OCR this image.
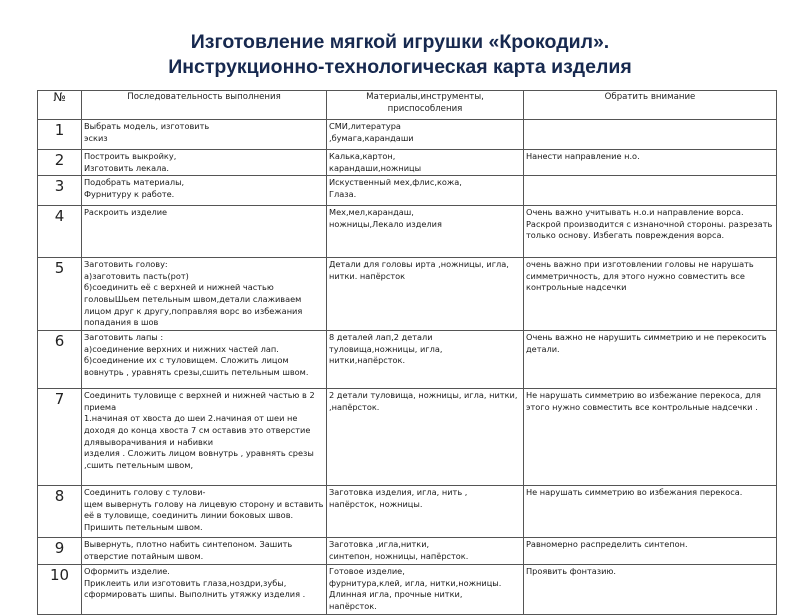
Изготовление мягкой игрушки «Крокодил».
Инструкционно-технологическая карта изделия
№	Последовательность выполнения	Материалы,инструменты,
приспособления	Обратить внимание
1	Выбрать модель, изготовить
эскиз	СМИ,литература
,бумага,карандаши	
2	Построить выкройку,
Изготовить лекала.	Калька,картон,
карандаши,ножницы	Нанести направление н.о.
3	Подобрать материалы,
Фурнитуру к работе.	Искуственный мех,флис,кожа,
Глаза.	
4	Раскроить изделие	Мех,мел,карандаш,
ножницы,Лекало изделия	Очень важно учитывать н.о.и направление ворса. Раскрой производится с изнаночной стороны. разрезать только основу. Избегать повреждения ворса.
5	Заготовить голову:
а)заготовить пасть(рот)
б)соединить её с верхней и нижней частью головыШьем петельным швом,детали слаживаем лицом друг к другу,поправляя ворс во избежания попадания в шов	Детали для головы ирта ,ножницы, игла, нитки. напёрсток	очень важно при изготовлении головы не нарушать симметричность, для этого нужно совместить все контрольные надсечки
6	Заготовить лапы :
а)соединение верхних и нижних частей лап.
б)соединение их с туловищем. Сложить лицом вовнутрь , уравнять срезы,сшить петельным швом.	8 деталей лап,2 детали туловища,ножницы, игла, нитки,напёрсток.	Очень важно не нарушить симметрию и не перекосить детали.
7	Соединить туловище с верхней и нижней частью в 2 приема
1.начиная от хвоста до шеи 2.начиная от шеи не доходя до конца хвоста 7 см оставив это отверстие длявыворачивания и набивки
изделия . Сложить лицом вовнутрь , уравнять срезы
,сшить петельным швом,	2 детали туловища, ножницы, игла, нитки,
,напёрсток.	Не нарушать симметрию во избежание перекоса, для этого нужно совместить все контрольные надсечки .
8	Соединить голову с тулови-
щем вывернуть голову на лицевую сторону и вставить её в туловище, соединить линии боковых швов. Пришить петельным швом.	Заготовка изделия, игла, нить ,
напёрсток, ножницы.	Не нарушать симметрию во избежания перекоса.
9	Вывернуть, плотно набить синтепоном. Зашить отверстие потайным швом.	Заготовка ,игла,нитки,
синтепон, ножницы, напёрсток.	Равномерно распределить синтепон.
10	Оформить изделие.
Приклеить или изготовить глаза,ноздри,зубы, сформировать шипы. Выполнить утяжку изделия .	Готовое изделие,
фурнитура,клей, игла, нитки,ножницы.
Длинная игла, прочные нитки,
напёрсток.	Проявить фонтазию.
